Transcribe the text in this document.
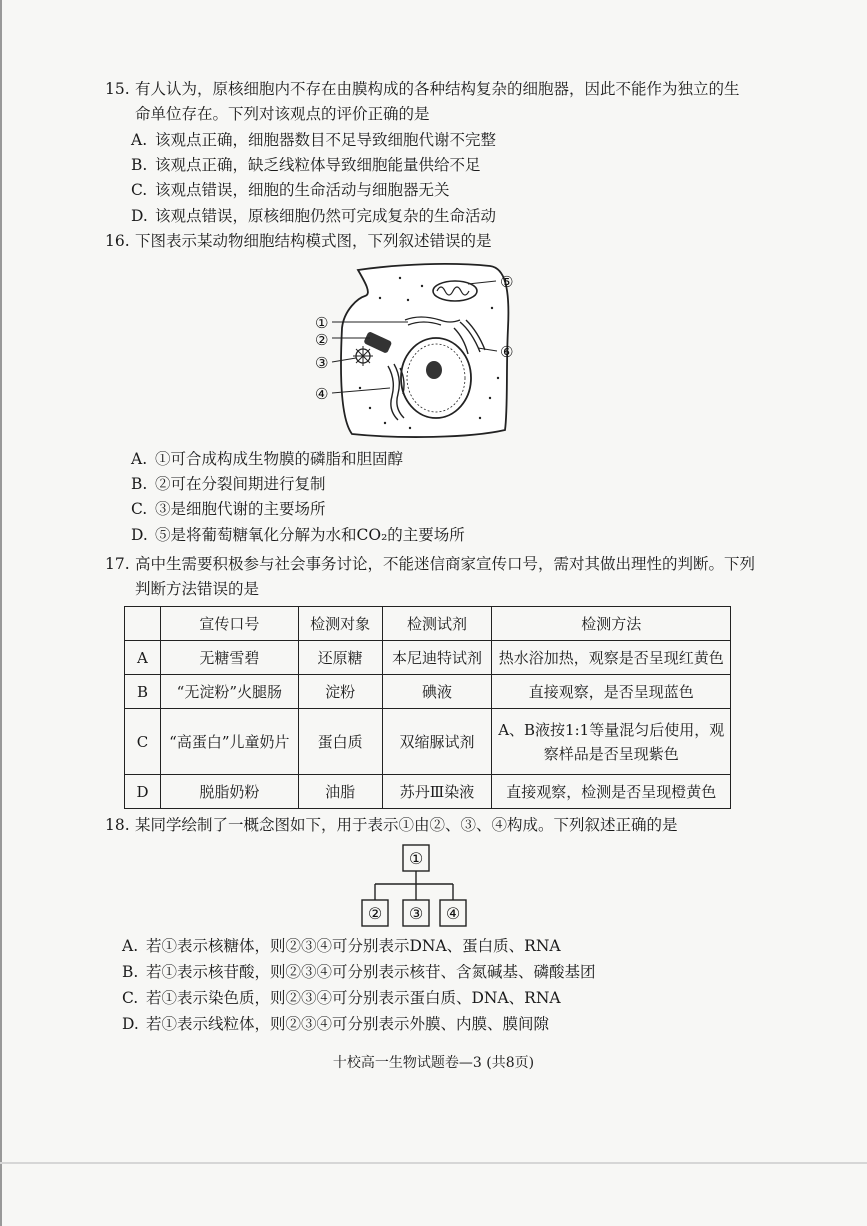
15. 有人认为，原核细胞内不存在由膜构成的各种结构复杂的细胞器，因此不能作为独立的生
命单位存在。下列对该观点的评价正确的是
A. 该观点正确，细胞器数目不足导致细胞代谢不完整
B. 该观点正确，缺乏线粒体导致细胞能量供给不足
C. 该观点错误，细胞的生命活动与细胞器无关
D. 该观点错误，原核细胞仍然可完成复杂的生命活动
16. 下图表示某动物细胞结构模式图，下列叙述错误的是
①
②
③
④
⑤
⑥
A. ①可合成构成生物膜的磷脂和胆固醇
B. ②可在分裂间期进行复制
C. ③是细胞代谢的主要场所
D. ⑤是将葡萄糖氧化分解为水和CO₂的主要场所
17. 高中生需要积极参与社会事务讨论，不能迷信商家宣传口号，需对其做出理性的判断。下列
判断方法错误的是
	宣传口号	检测对象	检测试剂	检测方法
A	无糖雪碧	还原糖	本尼迪特试剂	热水浴加热，观察是否呈现红黄色
B	“无淀粉”火腿肠	淀粉	碘液	直接观察，是否呈现蓝色
C	“高蛋白”儿童奶片	蛋白质	双缩脲试剂	A、B液按1:1等量混匀后使用，观察样品是否呈现紫色
D	脱脂奶粉	油脂	苏丹Ⅲ染液	直接观察，检测是否呈现橙黄色
18. 某同学绘制了一概念图如下，用于表示①由②、③、④构成。下列叙述正确的是
①
② ③ ④
A. 若①表示核糖体，则②③④可分别表示DNA、蛋白质、RNA
B. 若①表示核苷酸，则②③④可分别表示核苷、含氮碱基、磷酸基团
C. 若①表示染色质，则②③④可分别表示蛋白质、DNA、RNA
D. 若①表示线粒体，则②③④可分别表示外膜、内膜、膜间隙
十校高一生物试题卷—3 (共8页)
